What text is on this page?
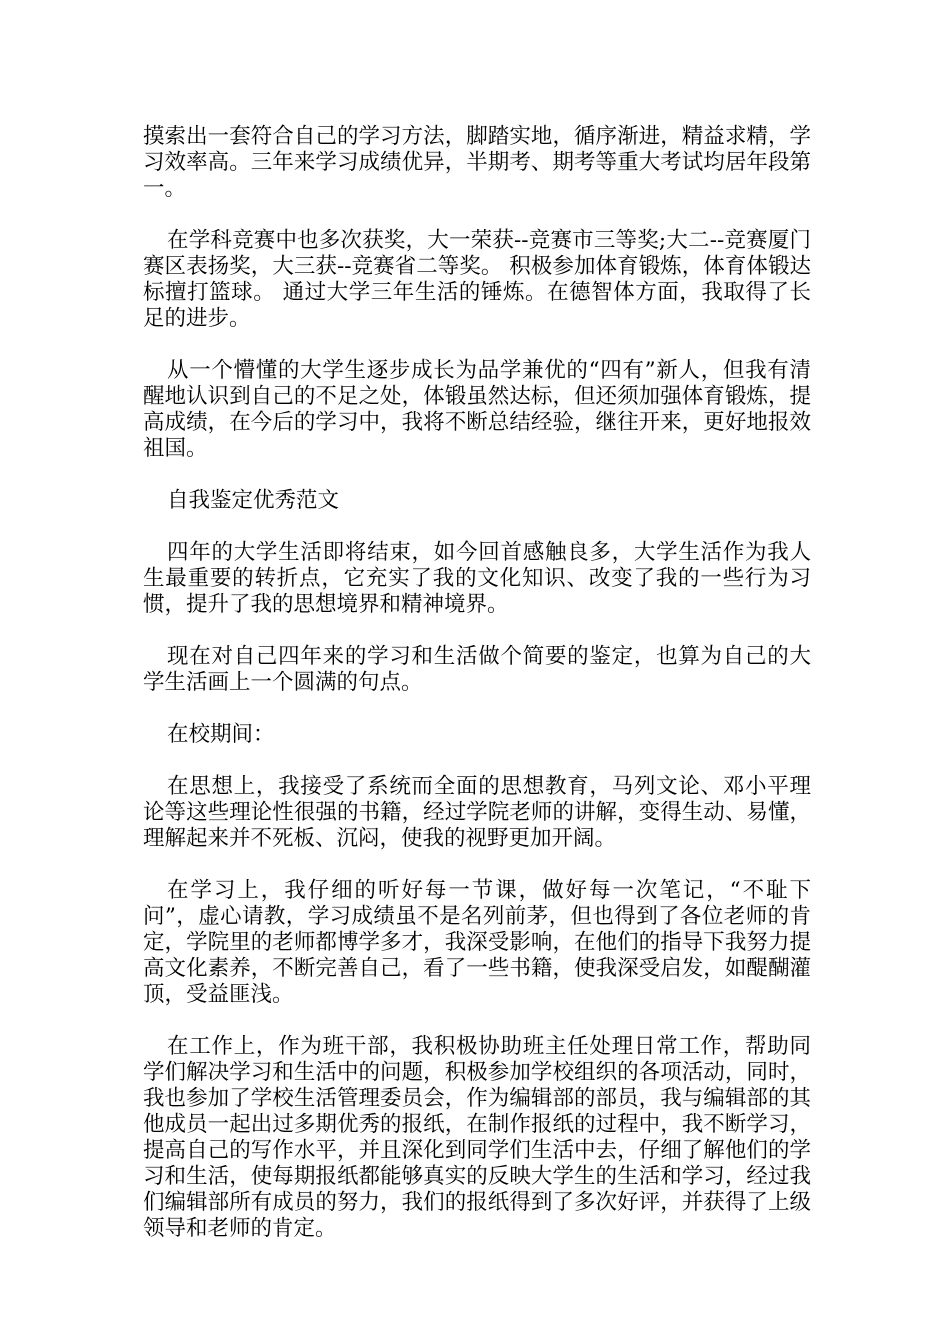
摸索出一套符合自己的学习方法，脚踏实地，循序渐进，精益求精，学习效率高。三年来学习成绩优异，半期考、期考等重大考试均居年段第一。

在学科竞赛中也多次获奖，大一荣获--竞赛市三等奖;大二--竞赛厦门赛区表扬奖，大三获--竞赛省二等奖。 积极参加体育锻炼，体育体锻达标擅打篮球。 通过大学三年生活的锤炼。在德智体方面，我取得了长足的进步。

从一个懵懂的大学生逐步成长为品学兼优的“四有”新人，但我有清醒地认识到自己的不足之处，体锻虽然达标，但还须加强体育锻炼，提高成绩，在今后的学习中，我将不断总结经验，继往开来，更好地报效祖国。

自我鉴定优秀范文

四年的大学生活即将结束，如今回首感触良多，大学生活作为我人生最重要的转折点，它充实了我的文化知识、改变了我的一些行为习惯，提升了我的思想境界和精神境界。

现在对自己四年来的学习和生活做个简要的鉴定，也算为自己的大学生活画上一个圆满的句点。

在校期间：

在思想上，我接受了系统而全面的思想教育，马列文论、邓小平理论等这些理论性很强的书籍，经过学院老师的讲解，变得生动、易懂，理解起来并不死板、沉闷，使我的视野更加开阔。

在学习上，我仔细的听好每一节课，做好每一次笔记，“不耻下问”，虚心请教，学习成绩虽不是名列前茅，但也得到了各位老师的肯定，学院里的老师都博学多才，我深受影响，在他们的指导下我努力提高文化素养，不断完善自己，看了一些书籍，使我深受启发，如醍醐灌顶，受益匪浅。

在工作上，作为班干部，我积极协助班主任处理日常工作，帮助同学们解决学习和生活中的问题，积极参加学校组织的各项活动，同时，我也参加了学校生活管理委员会，作为编辑部的部员，我与编辑部的其他成员一起出过多期优秀的报纸，在制作报纸的过程中，我不断学习，提高自己的写作水平，并且深化到同学们生活中去，仔细了解他们的学习和生活，使每期报纸都能够真实的反映大学生的生活和学习，经过我们编辑部所有成员的努力，我们的报纸得到了多次好评，并获得了上级领导和老师的肯定。
